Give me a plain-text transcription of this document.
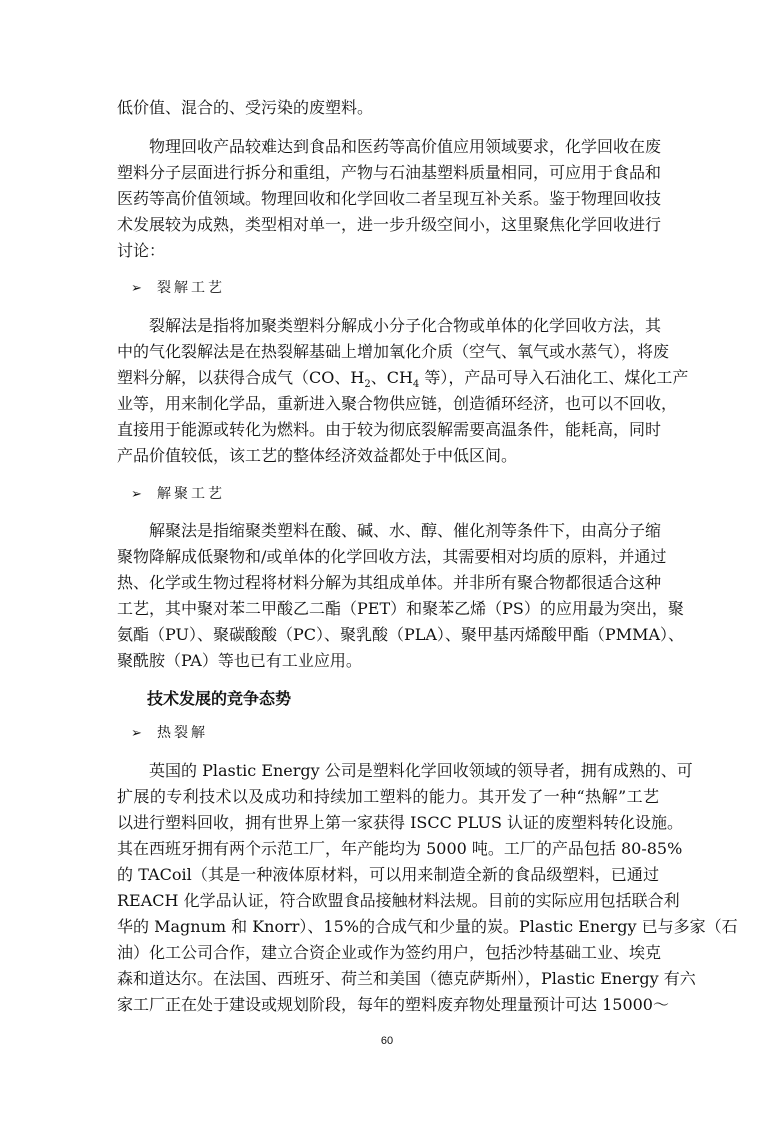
低价值、混合的、受污染的废塑料。
　　物理回收产品较难达到食品和医药等高价值应用领域要求，化学回收在废
塑料分子层面进行拆分和重组，产物与石油基塑料质量相同，可应用于食品和
医药等高价值领域。物理回收和化学回收二者呈现互补关系。鉴于物理回收技
术发展较为成熟，类型相对单一，进一步升级空间小，这里聚焦化学回收进行
讨论：
➢ 裂解工艺
　　裂解法是指将加聚类塑料分解成小分子化合物或单体的化学回收方法，其
中的气化裂解法是在热裂解基础上增加氧化介质（空气、氧气或水蒸气），将废
塑料分解，以获得合成气（CO、$H_2$、$CH_4$ 等），产品可导入石油化工、煤化工产
业等，用来制化学品，重新进入聚合物供应链，创造循环经济，也可以不回收，
直接用于能源或转化为燃料。由于较为彻底裂解需要高温条件，能耗高，同时
产品价值较低，该工艺的整体经济效益都处于中低区间。
➢ 解聚工艺
　　解聚法是指缩聚类塑料在酸、碱、水、醇、催化剂等条件下，由高分子缩
聚物降解成低聚物和/或单体的化学回收方法，其需要相对均质的原料，并通过
热、化学或生物过程将材料分解为其组成单体。并非所有聚合物都很适合这种
工艺，其中聚对苯二甲酸乙二酯（PET）和聚苯乙烯（PS）的应用最为突出，聚
氨酯（PU）、聚碳酸酸（PC）、聚乳酸（PLA）、聚甲基丙烯酸甲酯（PMMA）、
聚酰胺（PA）等也已有工业应用。
技术发展的竞争态势
➢ 热裂解
　　英国的 Plastic Energy 公司是塑料化学回收领域的领导者，拥有成熟的、可
扩展的专利技术以及成功和持续加工塑料的能力。其开发了一种“热解”工艺
以进行塑料回收，拥有世界上第一家获得 ISCC PLUS 认证的废塑料转化设施。
其在西班牙拥有两个示范工厂，年产能均为 5000 吨。工厂的产品包括 80-85%
的 TACoil（其是一种液体原材料，可以用来制造全新的食品级塑料，已通过
REACH 化学品认证，符合欧盟食品接触材料法规。目前的实际应用包括联合利
华的 Magnum 和 Knorr）、15%的合成气和少量的炭。Plastic Energy 已与多家（石
油）化工公司合作，建立合资企业或作为签约用户，包括沙特基础工业、埃克
森和道达尔。在法国、西班牙、荷兰和美国（德克萨斯州），Plastic Energy 有六
家工厂正在处于建设或规划阶段，每年的塑料废弃物处理量预计可达 15000～
60
